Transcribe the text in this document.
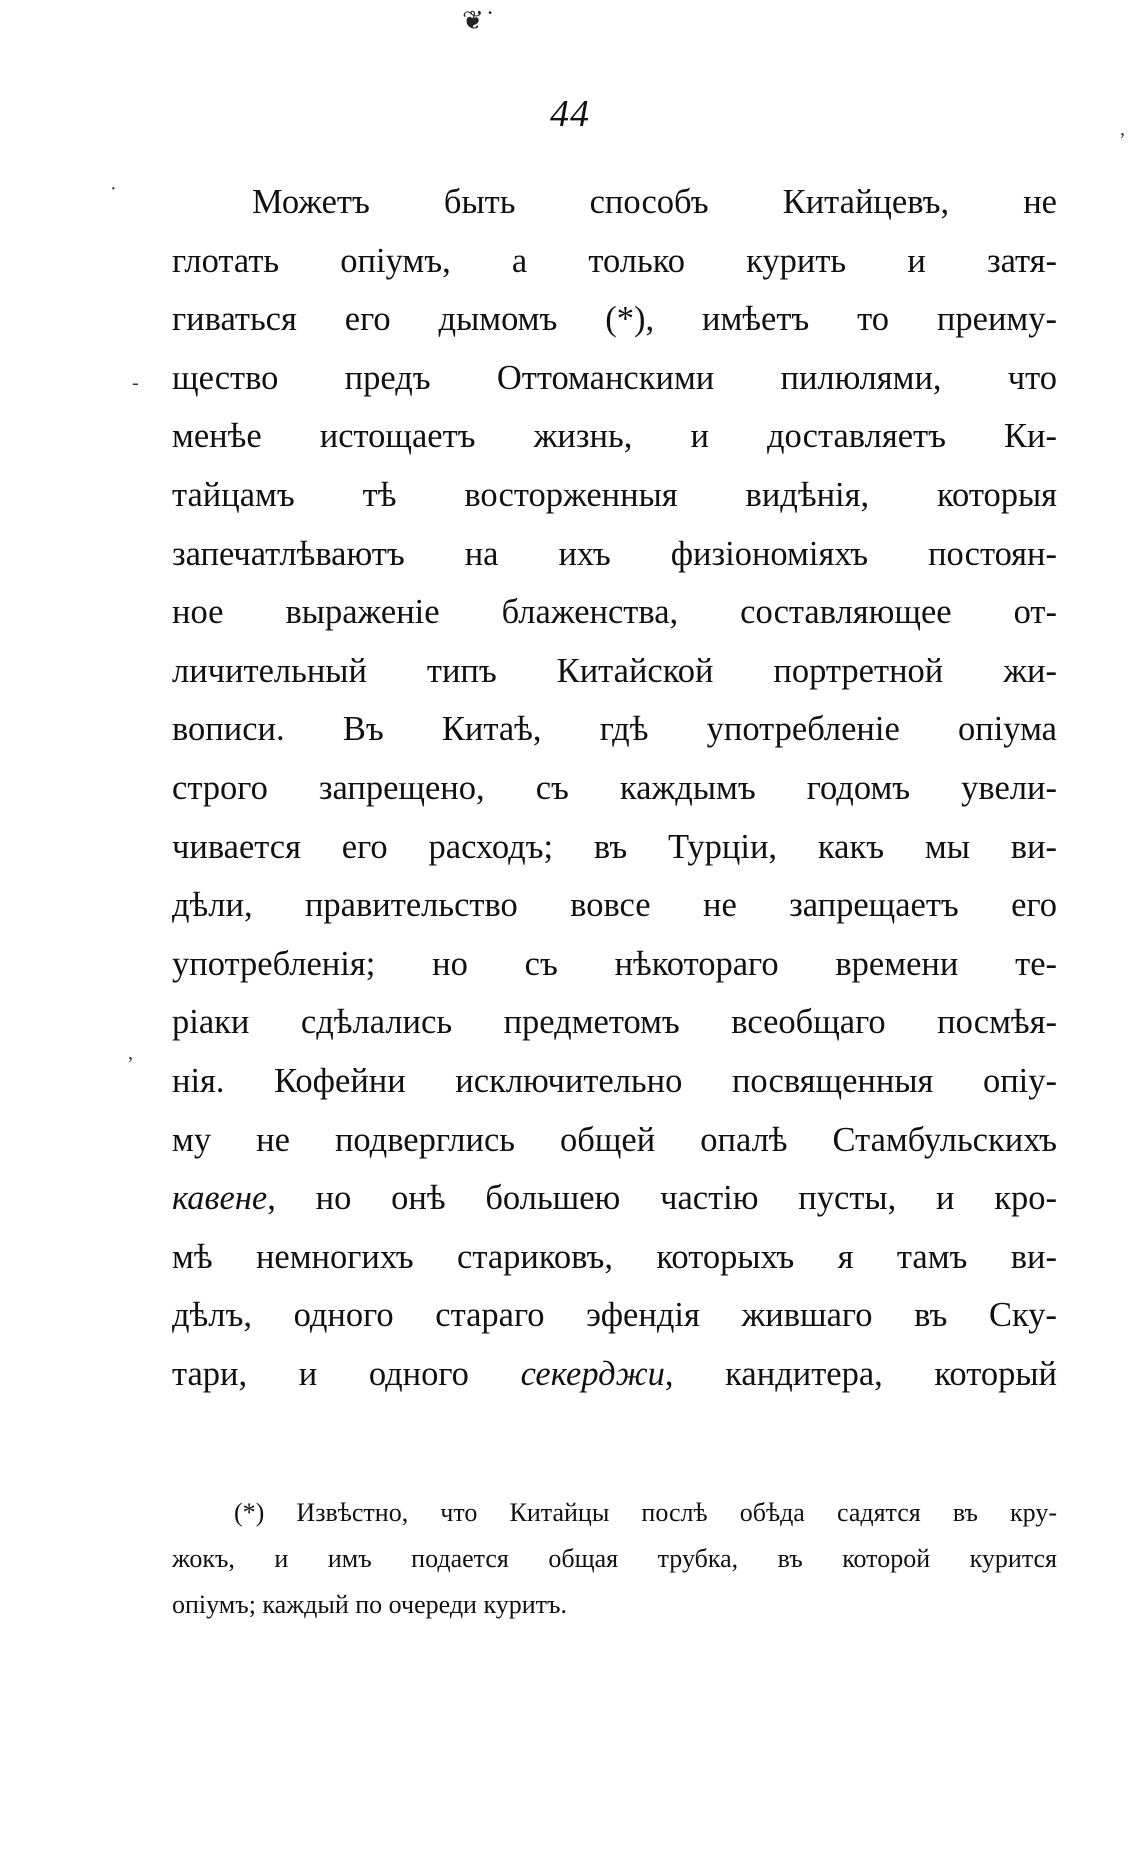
❦˙
44
Можетъ быть способъ Китайцевъ, не
глотать опіумъ, а только курить и затя-
гиваться его дымомъ (*), имѣетъ то преиму-
щество предъ Оттоманскими пилюлями, что
менѣе истощаетъ жизнь, и доставляетъ Ки-
тайцамъ тѣ восторженныя видѣнія, которыя
запечатлѣваютъ на ихъ физіономіяхъ постоян-
ное выраженіе блаженства, составляющее от-
личительный типъ Китайской портретной жи-
вописи. Въ Китаѣ, гдѣ употребленіе опіума
строго запрещено, съ каждымъ годомъ увели-
чивается его расходъ; въ Турціи, какъ мы ви-
дѣли, правительство вовсе не запрещаетъ его
употребленія; но съ нѣкотораго времени те-
ріаки сдѣлались предметомъ всеобщаго посмѣя-
нія. Кофейни исключительно посвященныя опіу-
му не подверглись общей опалѣ Стамбульскихъ
кавене, но онѣ большею частію пусты, и кро-
мѣ немногихъ стариковъ, которыхъ я тамъ ви-
дѣлъ, одного стараго эфендія жившаго въ Ску-
тари, и одного секерджи, кандитера, который
(*) Извѣстно, что Китайцы послѣ обѣда садятся въ кру-
жокъ, и имъ подается общая трубка, въ которой курится
опіумъ; каждый по очереди куритъ.
·
-
,
,
